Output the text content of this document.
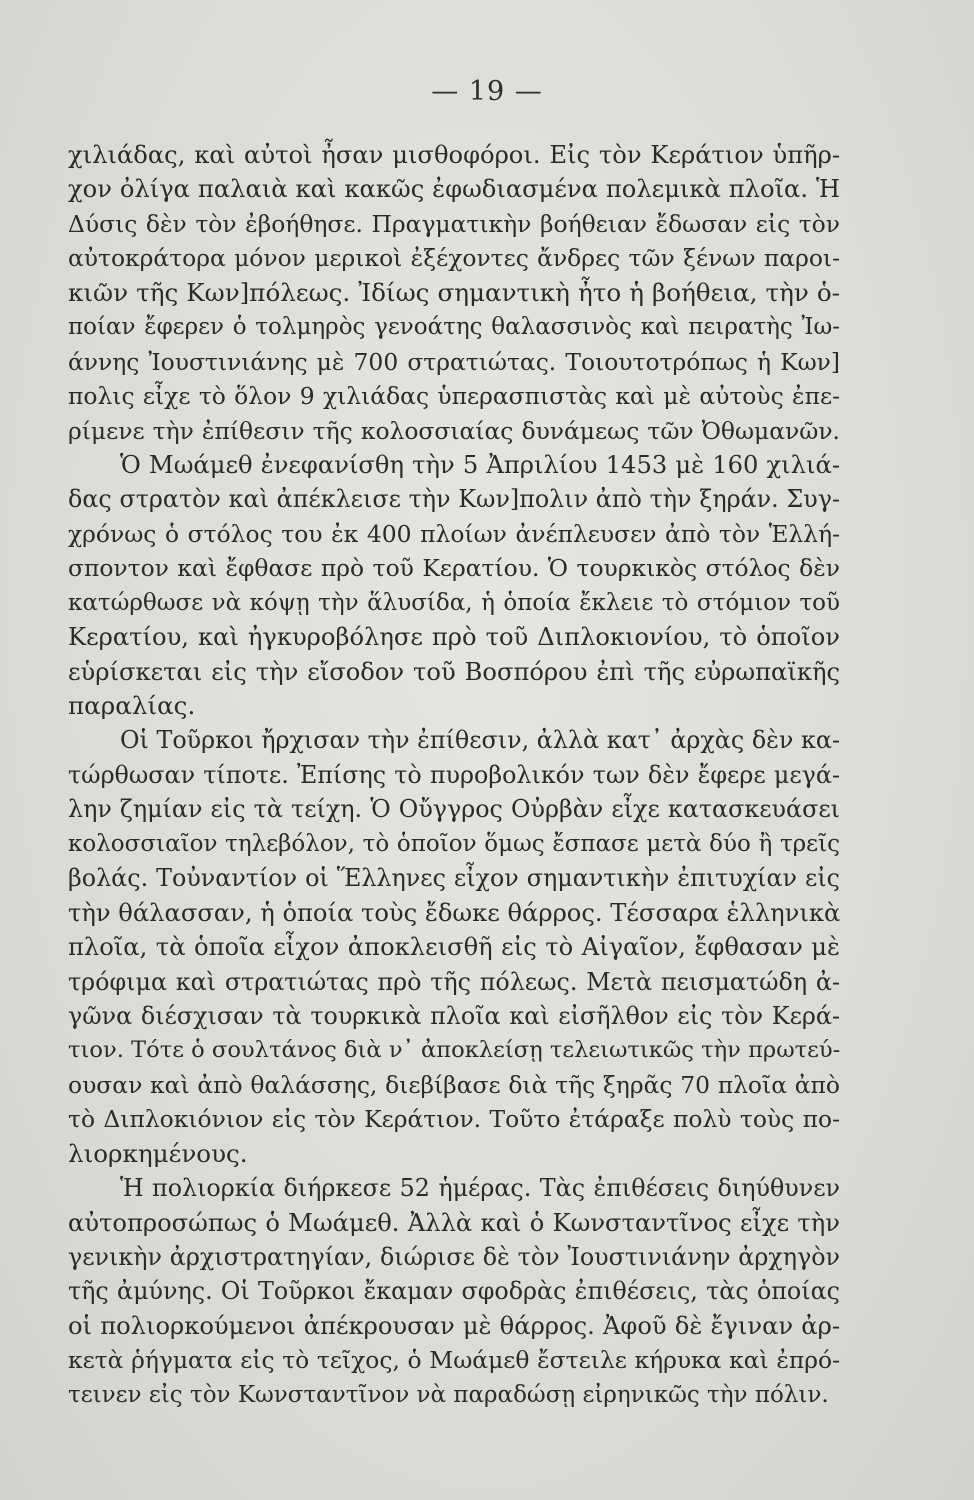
— 19 —
χιλιάδας, καὶ αὐτοὶ ἦσαν μισθοφόροι. Εἰς τὸν Κεράτιον ὑπῆρ-
χον ὀλίγα παλαιὰ καὶ κακῶς ἐφωδιασμένα πολεμικὰ πλοῖα. Ἡ
Δύσις δὲν τὸν ἐβοήθησε. Πραγματικὴν βοήθειαν ἔδωσαν εἰς τὸν
αὐτοκράτορα μόνον μερικοὶ ἐξέχοντες ἄνδρες τῶν ξένων παροι-
κιῶν τῆς Κων]πόλεως. Ἰδίως σημαντικὴ ἦτο ἡ βοήθεια, τὴν ὁ-
ποίαν ἔφερεν ὁ τολμηρὸς γενοάτης θαλασσινὸς καὶ πειρατὴς Ἰω-
άννης Ἰουστινιάνης μὲ 700 στρατιώτας. Τοιουτοτρόπως ἡ Κων]
πολις εἶχε τὸ ὅλον 9 χιλιάδας ὑπερασπιστὰς καὶ μὲ αὐτοὺς ἐπε-
ρίμενε τὴν ἐπίθεσιν τῆς κολοσσιαίας δυνάμεως τῶν Ὀθωμανῶν.
Ὁ Μωάμεθ ἐνεφανίσθη τὴν 5 Ἀπριλίου 1453 μὲ 160 χιλιά-
δας στρατὸν καὶ ἀπέκλεισε τὴν Κων]πολιν ἀπὸ τὴν ξηράν. Συγ-
χρόνως ὁ στόλος του ἐκ 400 πλοίων ἀνέπλευσεν ἀπὸ τὸν Ἑλλή-
σποντον καὶ ἔφθασε πρὸ τοῦ Κερατίου. Ὁ τουρκικὸς στόλος δὲν
κατώρθωσε νὰ κόψῃ τὴν ἅλυσίδα, ἡ ὁποία ἔκλειε τὸ στόμιον τοῦ
Κερατίου, καὶ ἠγκυροβόλησε πρὸ τοῦ Διπλοκιονίου, τὸ ὁποῖον
εὑρίσκεται εἰς τὴν εἴσοδον τοῦ Βοσπόρου ἐπὶ τῆς εὐρωπαϊκῆς
παραλίας.
Οἱ Τοῦρκοι ἤρχισαν τὴν ἐπίθεσιν, ἀλλὰ κατ᾽ ἀρχὰς δὲν κα-
τώρθωσαν τίποτε. Ἐπίσης τὸ πυροβολικόν των δὲν ἔφερε μεγά-
λην ζημίαν εἰς τὰ τείχη. Ὁ Οὔγγρος Οὐρβὰν εἶχε κατασκευάσει
κολοσσιαῖον τηλεβόλον, τὸ ὁποῖον ὅμως ἔσπασε μετὰ δύο ἢ τρεῖς
βολάς. Τοὐναντίον οἱ Ἕλληνες εἶχον σημαντικὴν ἐπιτυχίαν εἰς
τὴν θάλασσαν, ἡ ὁποία τοὺς ἔδωκε θάρρος. Τέσσαρα ἑλληνικὰ
πλοῖα, τὰ ὁποῖα εἶχον ἀποκλεισθῆ εἰς τὸ Αἰγαῖον, ἔφθασαν μὲ
τρόφιμα καὶ στρατιώτας πρὸ τῆς πόλεως. Μετὰ πεισματώδη ἀ-
γῶνα διέσχισαν τὰ τουρκικὰ πλοῖα καὶ εἰσῆλθον εἰς τὸν Κερά-
τιον. Τότε ὁ σουλτάνος διὰ ν᾽ ἀποκλείσῃ τελειωτικῶς τὴν πρωτεύ-
ουσαν καὶ ἀπὸ θαλάσσης, διεβίβασε διὰ τῆς ξηρᾶς 70 πλοῖα ἀπὸ
τὸ Διπλοκιόνιον εἰς τὸν Κεράτιον. Τοῦτο ἐτάραξε πολὺ τοὺς πο-
λιορκημένους.
Ἡ πολιορκία διήρκεσε 52 ἡμέρας. Τὰς ἐπιθέσεις διηύθυνεν
αὐτοπροσώπως ὁ Μωάμεθ. Ἀλλὰ καὶ ὁ Κωνσταντῖνος εἶχε τὴν
γενικὴν ἀρχιστρατηγίαν, διώρισε δὲ τὸν Ἰουστινιάνην ἀρχηγὸν
τῆς ἀμύνης. Οἱ Τοῦρκοι ἔκαμαν σφοδρὰς ἐπιθέσεις, τὰς ὁποίας
οἱ πολιορκούμενοι ἀπέκρουσαν μὲ θάρρος. Ἀφοῦ δὲ ἔγιναν ἀρ-
κετὰ ῥήγματα εἰς τὸ τεῖχος, ὁ Μωάμεθ ἔστειλε κήρυκα καὶ ἐπρό-
τεινεν εἰς τὸν Κωνσταντῖνον νὰ παραδώσῃ εἰρηνικῶς τὴν πόλιν.
